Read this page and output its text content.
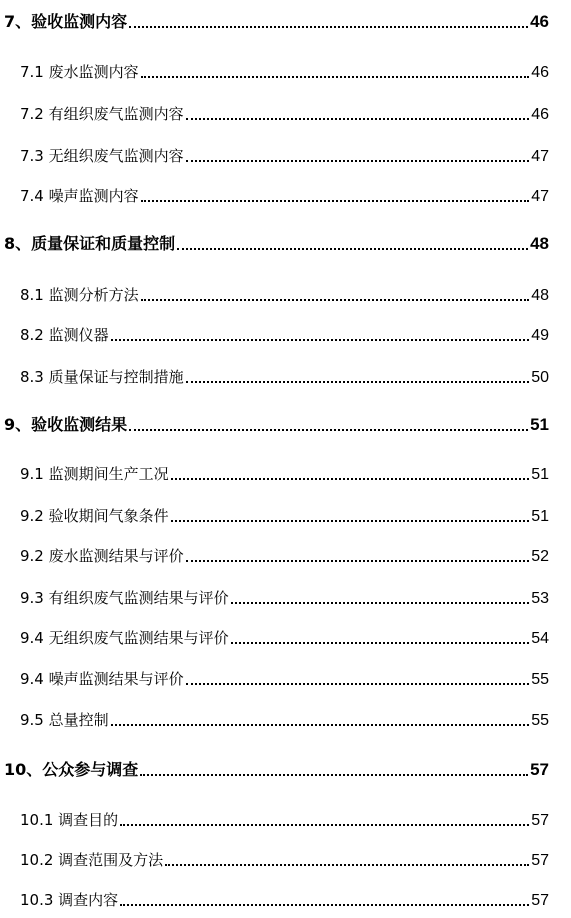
7、验收监测内容	46
7.1 废水监测内容	46
7.2 有组织废气监测内容	46
7.3 无组织废气监测内容	47
7.4 噪声监测内容	47
8、质量保证和质量控制	48
8.1 监测分析方法	48
8.2 监测仪器	49
8.3 质量保证与控制措施	50
9、验收监测结果	51
9.1 监测期间生产工况	51
9.2 验收期间气象条件	51
9.2 废水监测结果与评价	52
9.3 有组织废气监测结果与评价	53
9.4 无组织废气监测结果与评价	54
9.4 噪声监测结果与评价	55
9.5 总量控制	55
10、公众参与调查	57
10.1 调查目的	57
10.2 调查范围及方法	57
10.3 调查内容	57
